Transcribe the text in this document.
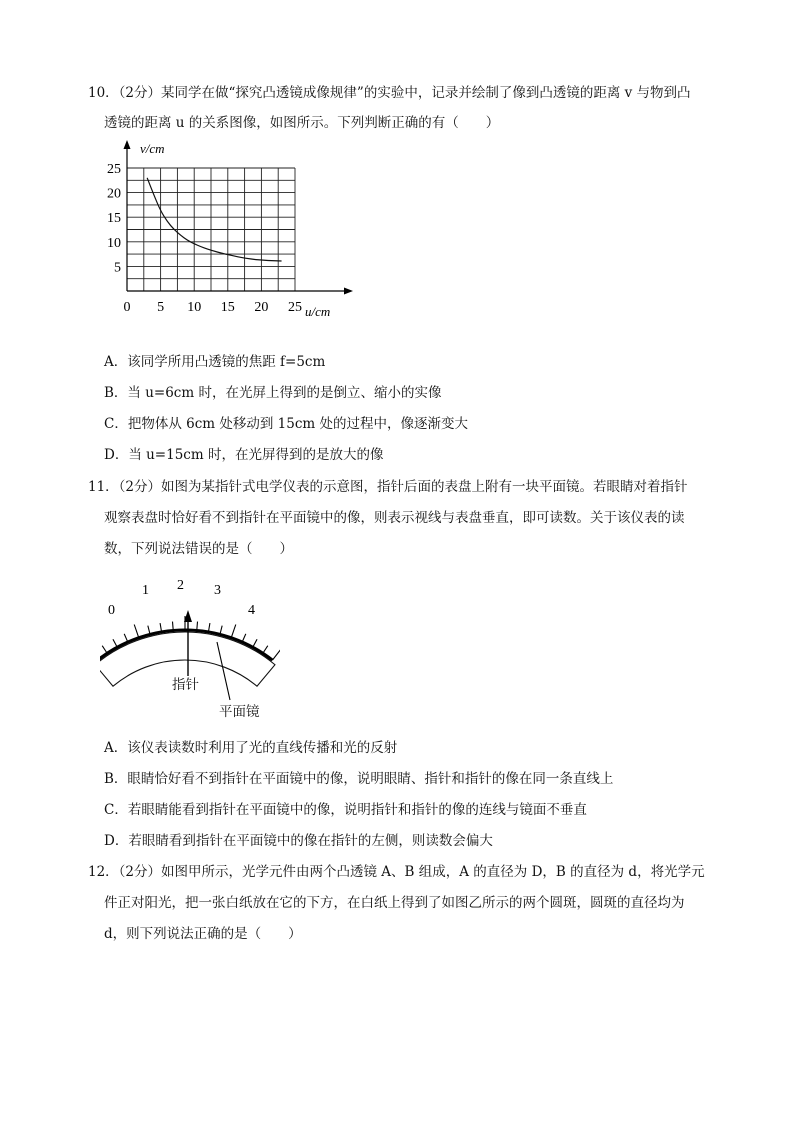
10．（2分）某同学在做“探究凸透镜成像规律”的实验中，记录并绘制了像到凸透镜的距离 v 与物到凸
透镜的距离 u 的关系图像，如图所示。下列判断正确的有（　　）
0 5 10 15 20 25
5
10
15
20
25
v/cm
u/cm
A．该同学所用凸透镜的焦距 f=5cm
B．当 u=6cm 时，在光屏上得到的是倒立、缩小的实像
C．把物体从 6cm 处移动到 15cm 处的过程中，像逐渐变大
D．当 u=15cm 时，在光屏得到的是放大的像
11．（2分）如图为某指针式电学仪表的示意图，指针后面的表盘上附有一块平面镜。若眼睛对着指针
观察表盘时恰好看不到指针在平面镜中的像，则表示视线与表盘垂直，即可读数。关于该仪表的读
数，下列说法错误的是（　　）
0
1 2 3
4
指针
平面镜
A．该仪表读数时利用了光的直线传播和光的反射
B．眼睛恰好看不到指针在平面镜中的像，说明眼睛、指针和指针的像在同一条直线上
C．若眼睛能看到指针在平面镜中的像，说明指针和指针的像的连线与镜面不垂直
D．若眼睛看到指针在平面镜中的像在指针的左侧，则读数会偏大
12．（2分）如图甲所示，光学元件由两个凸透镜 A、B 组成，A 的直径为 D，B 的直径为 d，将光学元
件正对阳光，把一张白纸放在它的下方，在白纸上得到了如图乙所示的两个圆斑，圆斑的直径均为
d，则下列说法正确的是（　　）
